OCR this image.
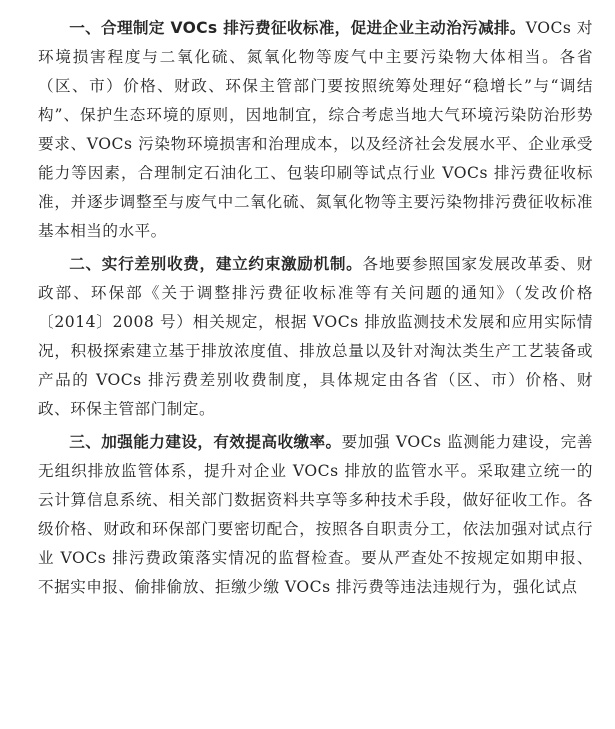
一、合理制定 VOCs 排污费征收标准，促进企业主动治污减排。VOCs 对环境损害程度与二氧化硫、氮氧化物等废气中主要污染物大体相当。各省（区、市）价格、财政、环保主管部门要按照统筹处理好“稳增长”与“调结构”、保护生态环境的原则，因地制宜，综合考虑当地大气环境污染防治形势要求、VOCs 污染物环境损害和治理成本，以及经济社会发展水平、企业承受能力等因素，合理制定石油化工、包装印刷等试点行业 VOCs 排污费征收标准，并逐步调整至与废气中二氧化硫、氮氧化物等主要污染物排污费征收标准基本相当的水平。

二、实行差别收费，建立约束激励机制。各地要参照国家发展改革委、财政部、环保部《关于调整排污费征收标准等有关问题的通知》（发改价格〔2014〕2008 号）相关规定，根据 VOCs 排放监测技术发展和应用实际情况，积极探索建立基于排放浓度值、排放总量以及针对淘汰类生产工艺装备或产品的 VOCs 排污费差别收费制度，具体规定由各省（区、市）价格、财政、环保主管部门制定。

三、加强能力建设，有效提高收缴率。要加强 VOCs 监测能力建设，完善无组织排放监管体系，提升对企业 VOCs 排放的监管水平。采取建立统一的云计算信息系统、相关部门数据资料共享等多种技术手段，做好征收工作。各级价格、财政和环保部门要密切配合，按照各自职责分工，依法加强对试点行业 VOCs 排污费政策落实情况的监督检查。要从严查处不按规定如期申报、不据实申报、偷排偷放、拒缴少缴 VOCs 排污费等违法违规行为，强化试点
